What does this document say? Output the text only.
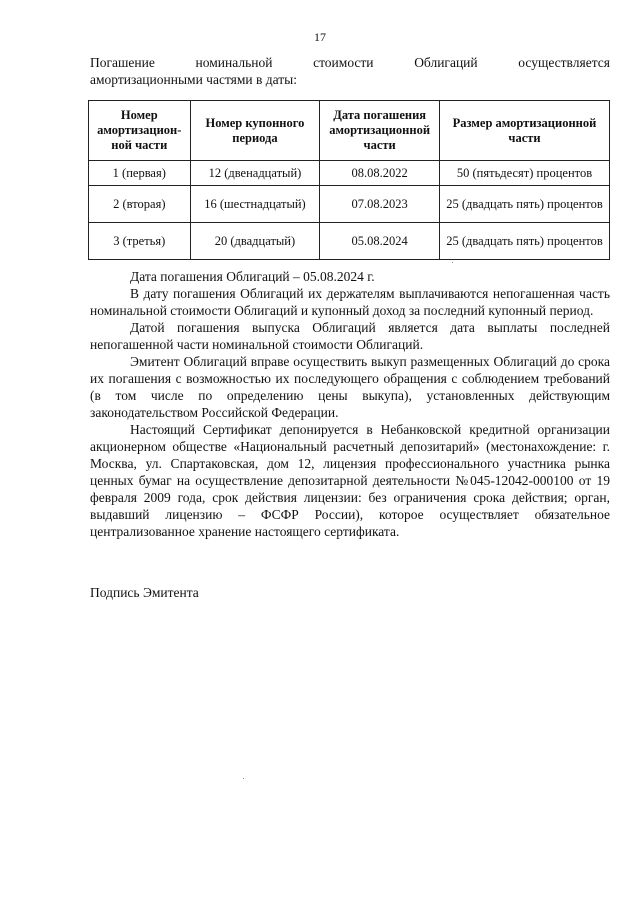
17
Погашение	номинальной	стоимости	Облигаций	осуществляется
амортизационными частями в даты:
Номер амортизацион-ной части	Номер купонного периода	Дата погашения амортизационной части	Размер амортизационной части
1 (первая)	12 (двенадцатый)	08.08.2022	50 (пятьдесят) процентов
2 (вторая)	16 (шестнадцатый)	07.08.2023	25 (двадцать пять) процентов
3 (третья)	20 (двадцатый)	05.08.2024	25 (двадцать пять) процентов

Дата погашения Облигаций – 05.08.2024 г.

В дату погашения Облигаций их держателям выплачиваются непогашенная часть номинальной стоимости Облигаций и купонный доход за последний купонный период.

Датой погашения выпуска Облигаций является дата выплаты последней непогашенной части номинальной стоимости Облигаций.

Эмитент Облигаций вправе осуществить выкуп размещенных Облигаций до срока их погашения с возможностью их последующего обращения с соблюдением требований (в том числе по определению цены выкупа), установленных действующим законодательством Российской Федерации.

Настоящий Сертификат депонируется в Небанковской кредитной организации акционерном обществе «Национальный расчетный депозитарий» (местонахождение: г. Москва, ул. Спартаковская, дом 12, лицензия профессионального участника рынка ценных бумаг на осуществление депозитарной деятельности №045-12042-000100 от 19 февраля 2009 года, срок действия лицензии: без ограничения срока действия; орган, выдавший лицензию – ФСФР России), которое осуществляет обязательное централизованное хранение настоящего сертификата.

Подпись Эмитента
